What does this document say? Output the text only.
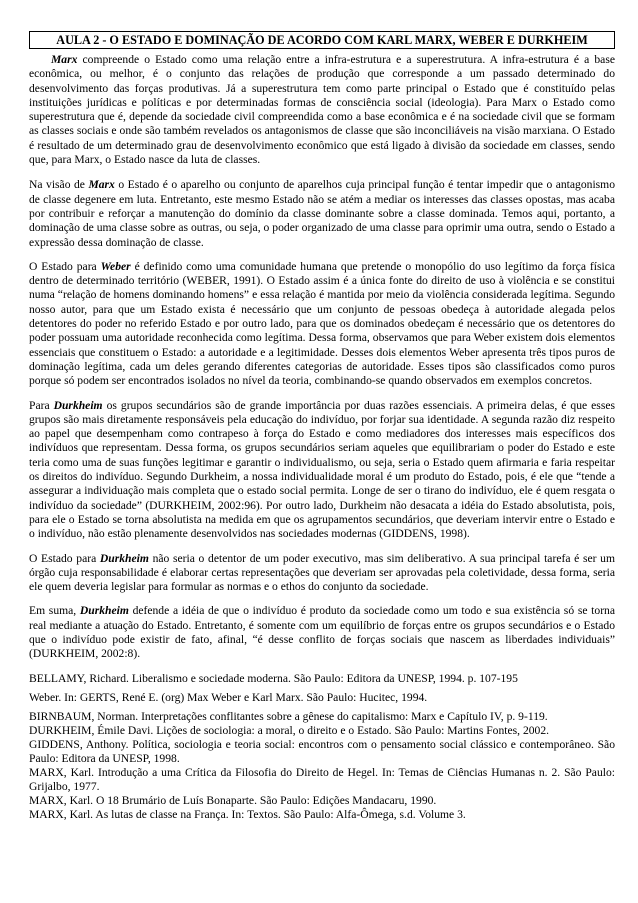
AULA 2 - O ESTADO E DOMINAÇÃO DE ACORDO COM KARL MARX, WEBER E DURKHEIM

Marx compreende o Estado como uma relação entre a infra-estrutura e a superestrutura. A infra-estrutura é a base econômica, ou melhor, é o conjunto das relações de produção que corresponde a um passado determinado do desenvolvimento das forças produtivas. Já a superestrutura tem como parte principal o Estado que é constituído pelas instituições jurídicas e políticas e por determinadas formas de consciência social (ideologia). Para Marx o Estado como superestrutura que é, depende da sociedade civil compreendida como a base econômica e é na sociedade civil que se formam as classes sociais e onde são também revelados os antagonismos de classe que são inconciliáveis na visão marxiana. O Estado é resultado de um determinado grau de desenvolvimento econômico que está ligado à divisão da sociedade em classes, sendo que, para Marx, o Estado nasce da luta de classes.

Na visão de Marx o Estado é o aparelho ou conjunto de aparelhos cuja principal função é tentar impedir que o antagonismo de classe degenere em luta. Entretanto, este mesmo Estado não se atém a mediar os interesses das classes opostas, mas acaba por contribuir e reforçar a manutenção do domínio da classe dominante sobre a classe dominada. Temos aqui, portanto, a dominação de uma classe sobre as outras, ou seja, o poder organizado de uma classe para oprimir uma outra, sendo o Estado a expressão dessa dominação de classe.

O Estado para Weber é definido como uma comunidade humana que pretende o monopólio do uso legítimo da força física dentro de determinado território (WEBER, 1991). O Estado assim é a única fonte do direito de uso à violência e se constitui numa “relação de homens dominando homens” e essa relação é mantida por meio da violência considerada legítima. Segundo nosso autor, para que um Estado exista é necessário que um conjunto de pessoas obedeça à autoridade alegada pelos detentores do poder no referido Estado e por outro lado, para que os dominados obedeçam é necessário que os detentores do poder possuam uma autoridade reconhecida como legítima. Dessa forma, observamos que para Weber existem dois elementos essenciais que constituem o Estado: a autoridade e a legitimidade. Desses dois elementos Weber apresenta três tipos puros de dominação legítima, cada um deles gerando diferentes categorias de autoridade. Esses tipos são classificados como puros porque só podem ser encontrados isolados no nível da teoria, combinando-se quando observados em exemplos concretos.

Para Durkheim os grupos secundários são de grande importância por duas razões essenciais. A primeira delas, é que esses grupos são mais diretamente responsáveis pela educação do indivíduo, por forjar sua identidade. A segunda razão diz respeito ao papel que desempenham como contrapeso à força do Estado e como mediadores dos interesses mais específicos dos indivíduos que representam. Dessa forma, os grupos secundários seriam aqueles que equilibrariam o poder do Estado e este teria como uma de suas funções legitimar e garantir o individualismo, ou seja, seria o Estado quem afirmaria e faria respeitar os direitos do indivíduo. Segundo Durkheim, a nossa individualidade moral é um produto do Estado, pois, é ele que “tende a assegurar a individuação mais completa que o estado social permita. Longe de ser o tirano do indivíduo, ele é quem resgata o indivíduo da sociedade” (DURKHEIM, 2002:96). Por outro lado, Durkheim não desacata a idéia do Estado absolutista, pois, para ele o Estado se torna absolutista na medida em que os agrupamentos secundários, que deveriam intervir entre o Estado e o indivíduo, não estão plenamente desenvolvidos nas sociedades modernas (GIDDENS, 1998).

O Estado para Durkheim não seria o detentor de um poder executivo, mas sim deliberativo. A sua principal tarefa é ser um órgão cuja responsabilidade é elaborar certas representações que deveriam ser aprovadas pela coletividade, dessa forma, seria ele quem deveria legislar para formular as normas e o ethos do conjunto da sociedade.

Em suma, Durkheim defende a idéia de que o indivíduo é produto da sociedade como um todo e sua existência só se torna real mediante a atuação do Estado. Entretanto, é somente com um equilíbrio de forças entre os grupos secundários e o Estado que o indivíduo pode existir de fato, afinal, “é desse conflito de forças sociais que nascem as liberdades individuais” (DURKHEIM, 2002:8).

BELLAMY, Richard. Liberalismo e sociedade moderna. São Paulo: Editora da UNESP, 1994. p. 107-195
Weber. In: GERTS, René E. (org) Max Weber e Karl Marx. São Paulo: Hucitec, 1994.
BIRNBAUM, Norman. Interpretações conflitantes sobre a gênese do capitalismo: Marx e Capítulo IV, p. 9-119.
DURKHEIM, Émile Davi. Lições de sociologia: a moral, o direito e o Estado. São Paulo: Martins Fontes, 2002.
GIDDENS, Anthony. Política, sociologia e teoria social: encontros com o pensamento social clássico e contemporâneo. São Paulo: Editora da UNESP, 1998.
MARX, Karl. Introdução a uma Crítica da Filosofia do Direito de Hegel. In: Temas de Ciências Humanas n. 2. São Paulo: Grijalbo, 1977.
MARX, Karl. O 18 Brumário de Luís Bonaparte. São Paulo: Edições Mandacaru, 1990.
MARX, Karl. As lutas de classe na França. In: Textos. São Paulo: Alfa-Ômega, s.d. Volume 3.
